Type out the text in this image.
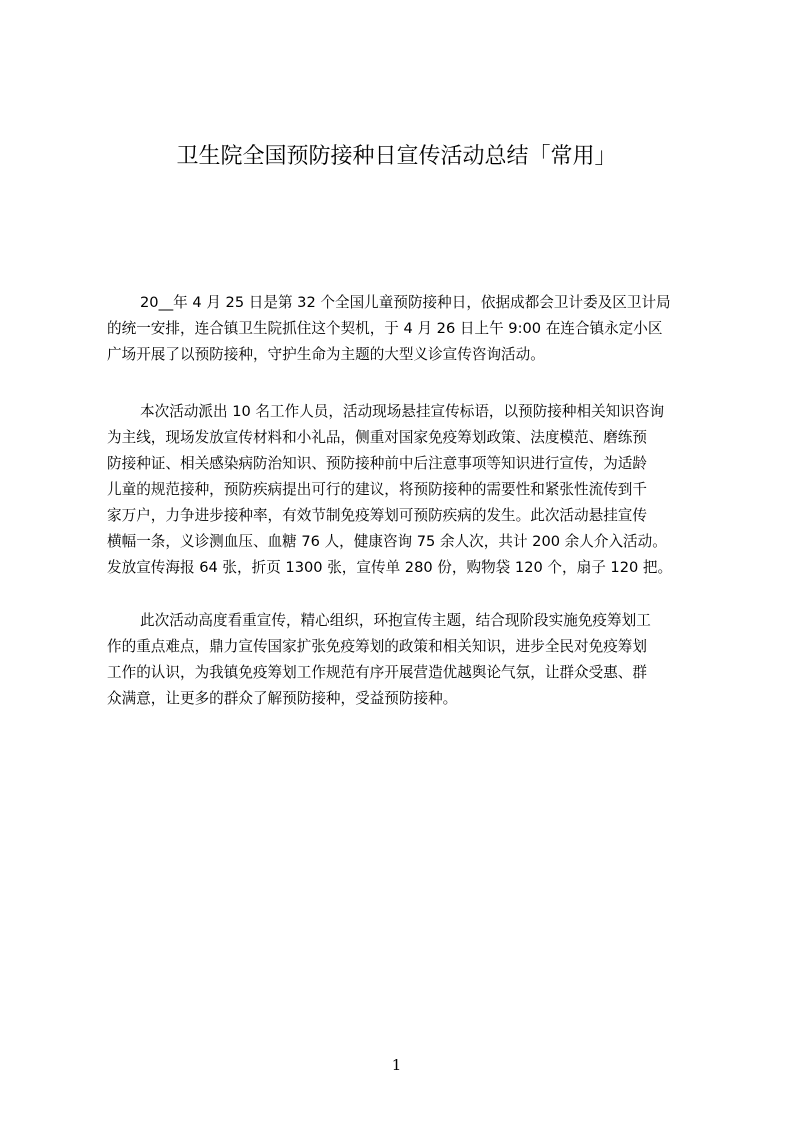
卫生院全国预防接种日宣传活动总结「常用」
20__年 4 月 25 日是第 32 个全国儿童预防接种日，依据成都会卫计委及区卫计局
的统一安排，连合镇卫生院抓住这个契机，于 4 月 26 日上午 9:00 在连合镇永定小区
广场开展了以预防接种，守护生命为主题的大型义诊宣传咨询活动。
本次活动派出 10 名工作人员，活动现场悬挂宣传标语，以预防接种相关知识咨询
为主线，现场发放宣传材料和小礼品，侧重对国家免疫筹划政策、法度模范、磨练预
防接种证、相关感染病防治知识、预防接种前中后注意事项等知识进行宣传，为适龄
儿童的规范接种，预防疾病提出可行的建议，将预防接种的需要性和紧张性流传到千
家万户，力争进步接种率，有效节制免疫筹划可预防疾病的发生。此次活动悬挂宣传
横幅一条，义诊测血压、血糖 76 人，健康咨询 75 余人次，共计 200 余人介入活动。
发放宣传海报 64 张，折页 1300 张，宣传单 280 份，购物袋 120 个，扇子 120 把。
此次活动高度看重宣传，精心组织，环抱宣传主题，结合现阶段实施免疫筹划工
作的重点难点，鼎力宣传国家扩张免疫筹划的政策和相关知识，进步全民对免疫筹划
工作的认识，为我镇免疫筹划工作规范有序开展营造优越舆论气氛，让群众受惠、群
众满意，让更多的群众了解预防接种，受益预防接种。
1
